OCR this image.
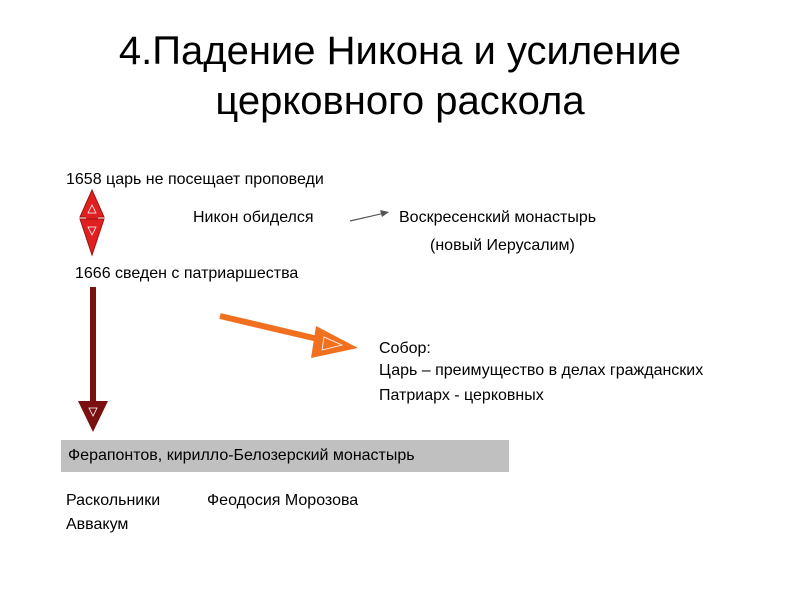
4.Падение Никона и усиление
церковного раскола
1658 царь не посещает проповеди
Никон обиделся	Воскресенский монастырь
(новый Иерусалим)
1666 сведен с патриаршества
Собор:
Царь – преимущество в делах гражданских
Патриарх - церковных
Ферапонтов, кирилло-Белозерский монастырь
Раскольники
Аввакум
Феодосия Морозова
